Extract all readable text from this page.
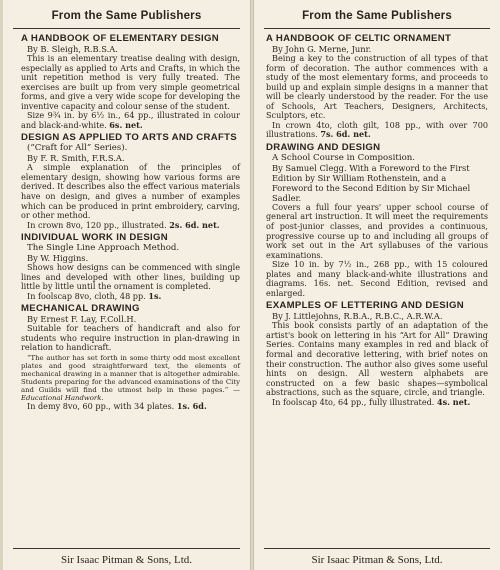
From the Same Publishers
A HANDBOOK OF ELEMENTARY DESIGN
By B. Sleigh, R.B.S.A.
This is an elementary treatise dealing with design, especially as applied to Arts and Crafts, in which the unit repetition method is very fully treated. The exercises are built up from very simple geometrical forms, and give a very wide scope for developing the inventive capacity and colour sense of the student.
Size 9¾ in. by 6½ in., 64 pp., illustrated in colour and black-and-white. 6s. net.
DESIGN AS APPLIED TO ARTS AND CRAFTS
(“Craft for All” Series).
By F. R. Smith, F.R.S.A.
A simple explanation of the principles of elementary design, showing how various forms are derived. It describes also the effect various materials have on design, and gives a number of examples which can be produced in print embroidery, carving, or other method.
In crown 8vo, 120 pp., illustrated. 2s. 6d. net.
INDIVIDUAL WORK IN DESIGN
The Single Line Approach Method.
By W. Higgins.
Shows how designs can be commenced with single lines and developed with other lines, building up little by little until the ornament is completed.
In foolscap 8vo, cloth, 48 pp. 1s.
MECHANICAL DRAWING
By Ernest F. Lay, F.Coll.H.
Suitable for teachers of handicraft and also for students who require instruction in plan-drawing in relation to handicraft.
“The author has set forth in some thirty odd most excellent plates and good straightforward text, the elements of mechanical drawing in a manner that is altogether admirable. Students preparing for the advanced examinations of the City and Guilds will find the utmost help in these pages.” — Educational Handwork.
In demy 8vo, 60 pp., with 34 plates. 1s. 6d.
Sir Isaac Pitman & Sons, Ltd.
From the Same Publishers
A HANDBOOK OF CELTIC ORNAMENT
By John G. Merne, Junr.
Being a key to the construction of all types of that form of decoration. The author commences with a study of the most elementary forms, and proceeds to build up and explain simple designs in a manner that will be clearly understood by the reader. For the use of Schools, Art Teachers, Designers, Architects, Sculptors, etc.
In crown 4to, cloth gilt, 108 pp., with over 700 illustrations. 7s. 6d. net.
DRAWING AND DESIGN
A School Course in Composition.
By Samuel Clegg. With a Foreword to the First Edition by Sir William Rothenstein, and a Foreword to the Second Edition by Sir Michael Sadler.
Covers a full four years' upper school course of general art instruction. It will meet the requirements of post-junior classes, and provides a continuous, progressive course up to and including all groups of work set out in the Art syllabuses of the various examinations.
Size 10 in. by 7½ in., 268 pp., with 15 coloured plates and many black-and-white illustrations and diagrams. 16s. net. Second Edition, revised and enlarged.
EXAMPLES OF LETTERING AND DESIGN
By J. Littlejohns, R.B.A., R.B.C., A.R.W.A.
This book consists partly of an adaptation of the artist's book on lettering in his “Art for All” Drawing Series. Contains many examples in red and black of formal and decorative lettering, with brief notes on their construction. The author also gives some useful hints on design. All western alphabets are constructed on a few basic shapes—symbolical abstractions, such as the square, circle, and triangle.
In foolscap 4to, 64 pp., fully illustrated. 4s. net.
Sir Isaac Pitman & Sons, Ltd.
